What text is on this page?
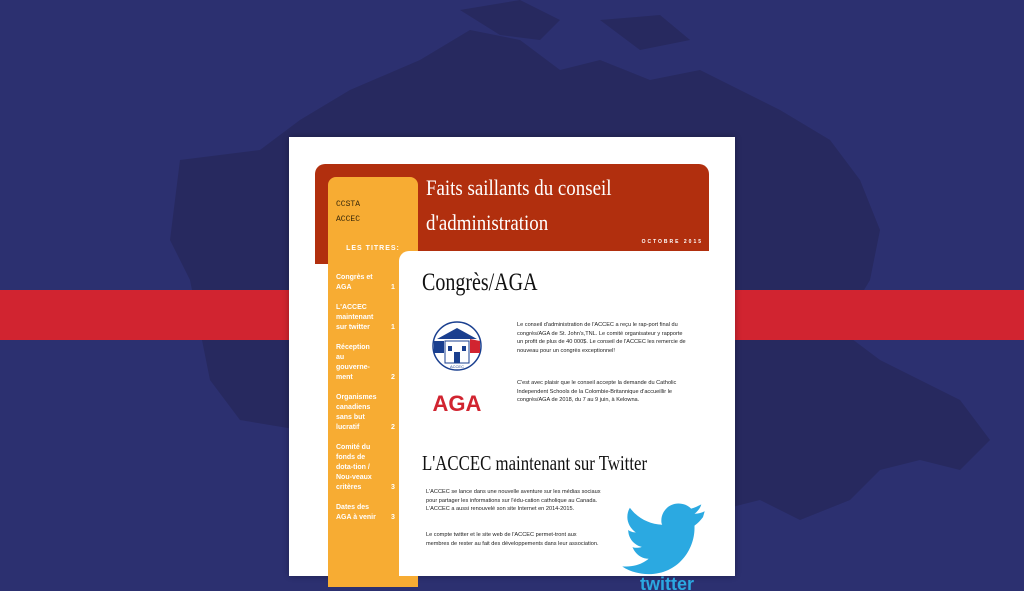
Faits saillants du conseil d'administration
OCTOBRE 2015
CCSTA
ACCEC
LES TITRES:
Congrès et AGA	1
L'ACCEC maintenant sur twitter	1
Réception au gouverne-ment	2
Organismes canadiens sans but lucratif	2
Comité du fonds de dota-tion / Nou-veaux critères	3
Dates des AGA à venir 3
Congrès/AGA
CCSTA
ACCEC
AGA
Le conseil d'administration de l'ACCEC a reçu le rap-port final du congrès/AGA de St. John's,TNL. Le comité organisateur y rapporte un profit de plus de 40 000$. Le conseil de l'ACCEC les remercie de nouveau pour un congrès exceptionnel!
C'est avec plaisir que le conseil accepte la demande du Catholic Independent Schools de la Colombie-Britannique d'accueillir le congrès/AGA de 2018, du 7 au 9 juin, à Kelowna.
L'ACCEC maintenant sur Twitter
L'ACCEC se lance dans une nouvelle aventure sur les médias sociaux pour partager les informations sur l'édu-cation catholique au Canada. L'ACCEC a aussi renouvelé son site Internet en 2014-2015.
Le compte twitter et le site web de l'ACCEC permet-tront aux membres de rester au fait des développements dans leur association.
twitter
